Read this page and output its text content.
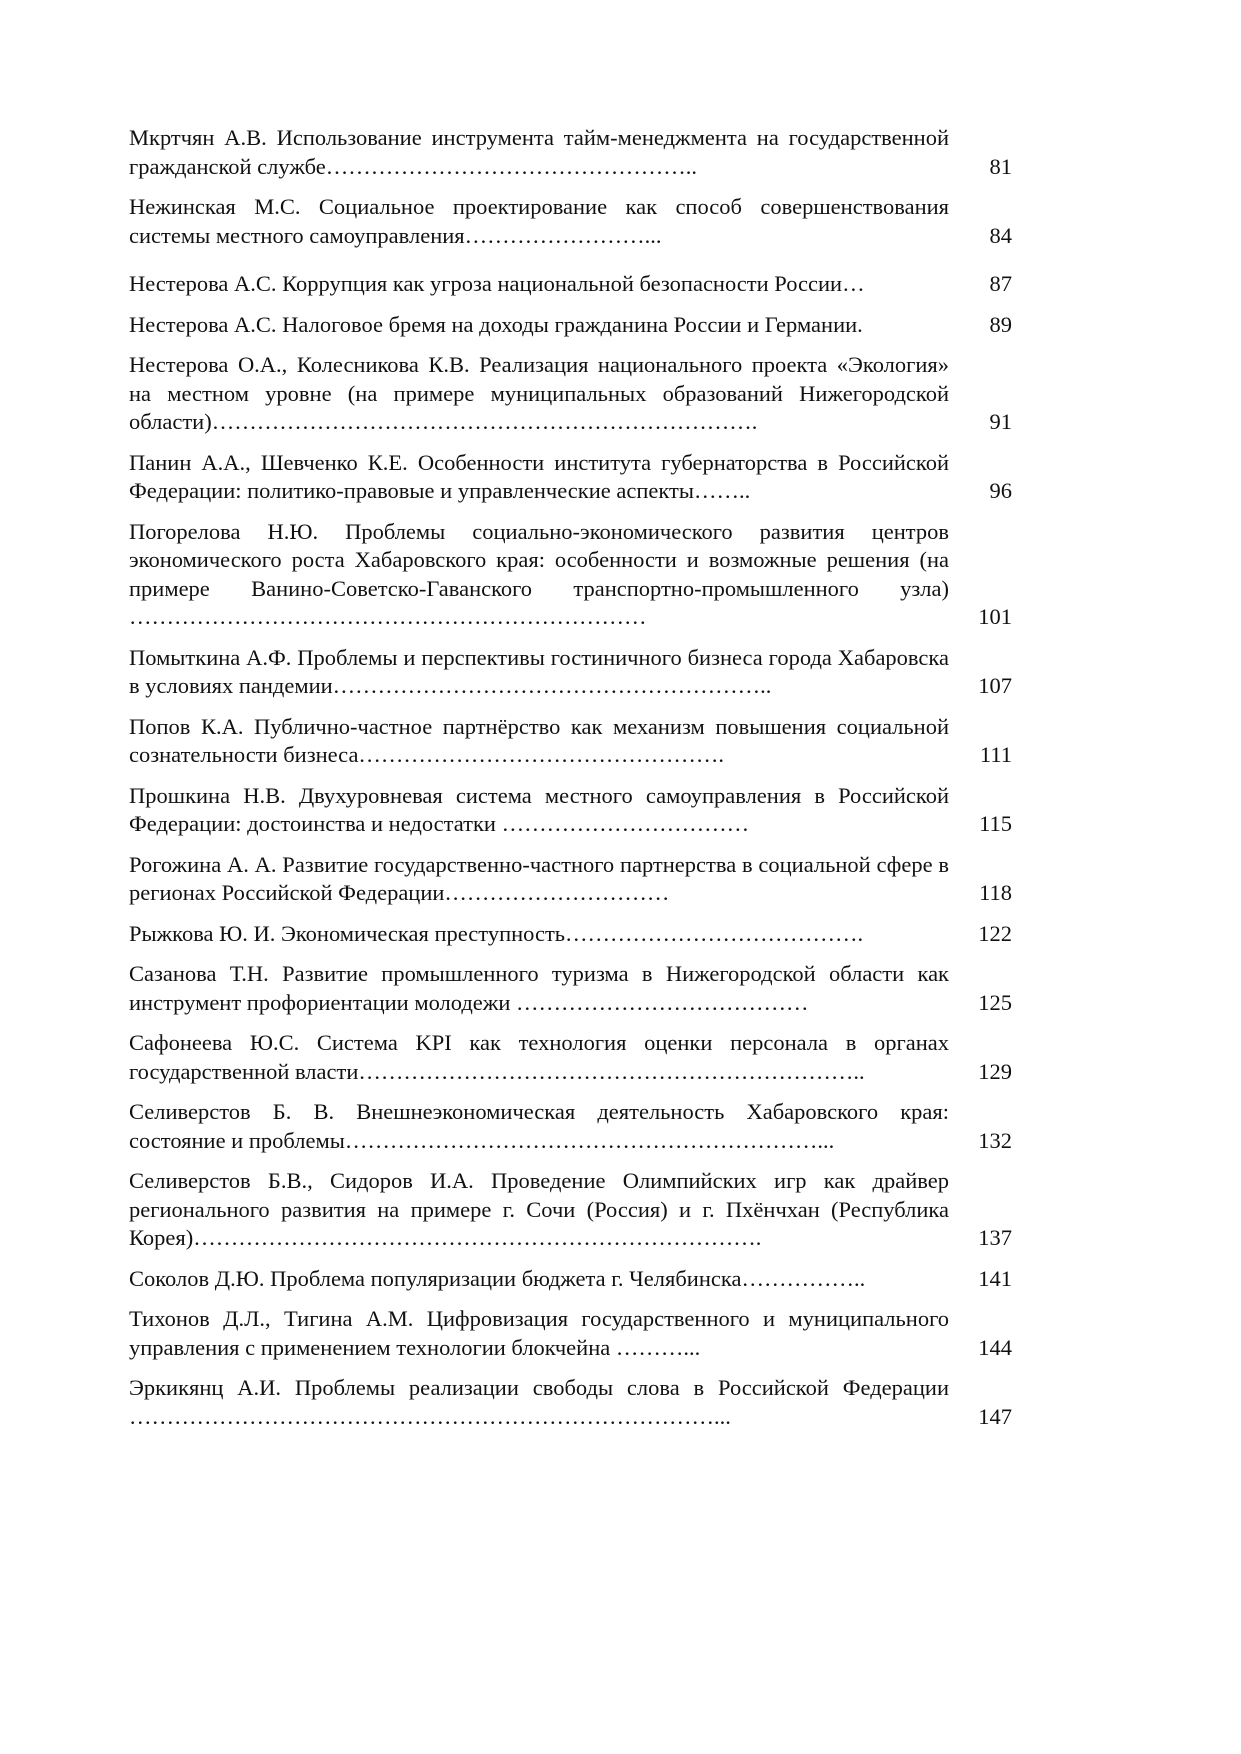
Мкртчян А.В. Использование инструмента тайм-менеджмента на государственной гражданской службе…………………………………………..	81
Нежинская М.С. Социальное проектирование как способ совершенствования системы местного самоуправления……………………...	84
Нестерова А.С. Коррупция как угроза национальной безопасности России…	87
Нестерова А.С. Налоговое бремя на доходы гражданина России и Германии.	89
Нестерова О.А., Колесникова К.В. Реализация национального проекта «Экология» на местном уровне (на примере муниципальных образований Нижегородской области)……………………………………………………………….	91
Панин А.А., Шевченко К.Е. Особенности института губернаторства в Российской Федерации: политико-правовые и управленческие аспекты……..	96
Погорелова Н.Ю. Проблемы социально-экономического развития центров экономического роста Хабаровского края: особенности и возможные решения (на примере Ванино-Советско-Гаванского транспортно-промышленного узла) ……………………………………………………………	101
Помыткина А.Ф. Проблемы и перспективы гостиничного бизнеса города Хабаровска в условиях пандемии…………………………………………………..	107
Попов К.А. Публично-частное партнёрство как механизм повышения социальной сознательности бизнеса………………………………………….	111
Прошкина Н.В. Двухуровневая система местного самоуправления в Российской Федерации: достоинства и недостатки ……………………………	115
Рогожина А. А. Развитие государственно-частного партнерства в социальной сфере в регионах Российской Федерации…………………………	118
Рыжкова Ю. И. Экономическая преступность………………………………….	122
Сазанова Т.Н. Развитие промышленного туризма в Нижегородской области как инструмент профориентации молодежи …………………………………	125
Сафонеева Ю.С. Система KPI как технология оценки персонала в органах государственной власти…………………………………………………………..	129
Селиверстов Б. В. Внешнеэкономическая деятельность Хабаровского края: состояние и проблемы………………………………………………………...	132
Селиверстов Б.В., Сидоров И.А. Проведение Олимпийских игр как драйвер регионального развития на примере г. Сочи (Россия) и г. Пхёнчхан (Республика Корея)………………………………………………………………….	137
Соколов Д.Ю. Проблема популяризации бюджета г. Челябинска……………..	141
Тихонов Д.Л., Тигина А.М. Цифровизация государственного и муниципального управления с применением технологии блокчейна ………...	144
Эркикянц А.И. Проблемы реализации свободы слова в Российской Федерации ……………………………………………………………………...	147
